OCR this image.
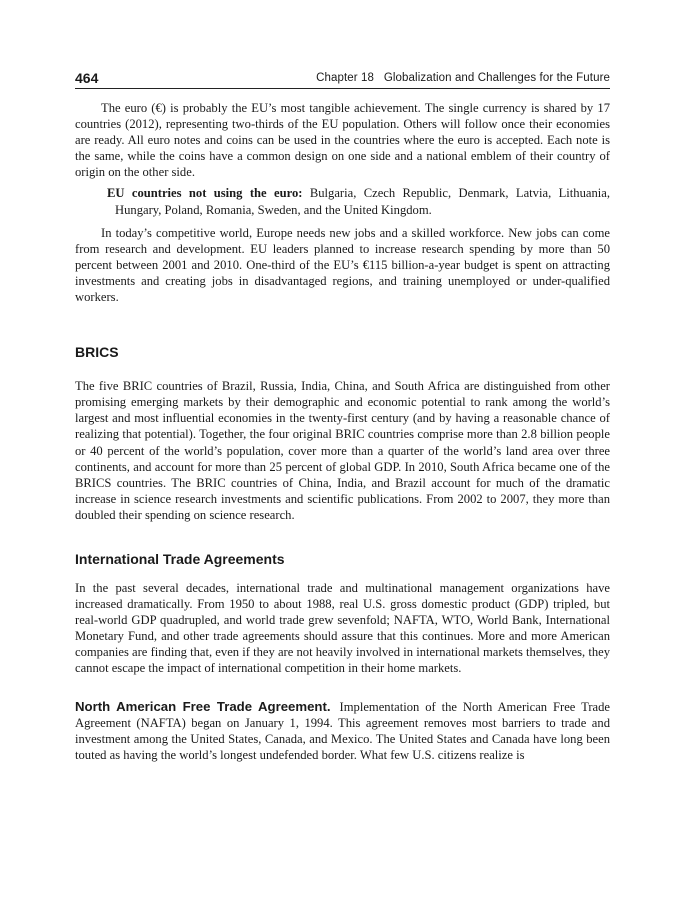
464	Chapter 18   Globalization and Challenges for the Future

The euro (€) is probably the EU’s most tangible achievement. The single currency is shared by 17 countries (2012), representing two-thirds of the EU population. Others will follow once their economies are ready. All euro notes and coins can be used in the countries where the euro is accepted. Each note is the same, while the coins have a common design on one side and a national emblem of their country of origin on the other side.

EU countries not using the euro: Bulgaria, Czech Republic, Denmark, Latvia, Lithuania, Hungary, Poland, Romania, Sweden, and the United Kingdom.

In today’s competitive world, Europe needs new jobs and a skilled workforce. New jobs can come from research and development. EU leaders planned to increase research spending by more than 50 percent between 2001 and 2010. One-third of the EU’s €115 billion-a-year budget is spent on attracting investments and creating jobs in disadvantaged regions, and training unemployed or under-qualified workers.

BRICS

The five BRIC countries of Brazil, Russia, India, China, and South Africa are distinguished from other promising emerging markets by their demographic and economic potential to rank among the world’s largest and most influential economies in the twenty-first century (and by having a reasonable chance of realizing that potential). Together, the four original BRIC countries comprise more than 2.8 billion people or 40 percent of the world’s population, cover more than a quarter of the world’s land area over three continents, and account for more than 25 percent of global GDP. In 2010, South Africa became one of the BRICS countries. The BRIC countries of China, India, and Brazil account for much of the dramatic increase in science research investments and scientific publications. From 2002 to 2007, they more than doubled their spending on science research.

International Trade Agreements

In the past several decades, international trade and multinational management organizations have increased dramatically. From 1950 to about 1988, real U.S. gross domestic product (GDP) tripled, but real-world GDP quadrupled, and world trade grew sevenfold; NAFTA, WTO, World Bank, International Monetary Fund, and other trade agreements should assure that this continues. More and more American companies are finding that, even if they are not heavily involved in international markets themselves, they cannot escape the impact of international competition in their home markets.

North American Free Trade Agreement. Implementation of the North American Free Trade Agreement (NAFTA) began on January 1, 1994. This agreement removes most barriers to trade and investment among the United States, Canada, and Mexico. The United States and Canada have long been touted as having the world’s longest undefended border. What few U.S. citizens realize is
